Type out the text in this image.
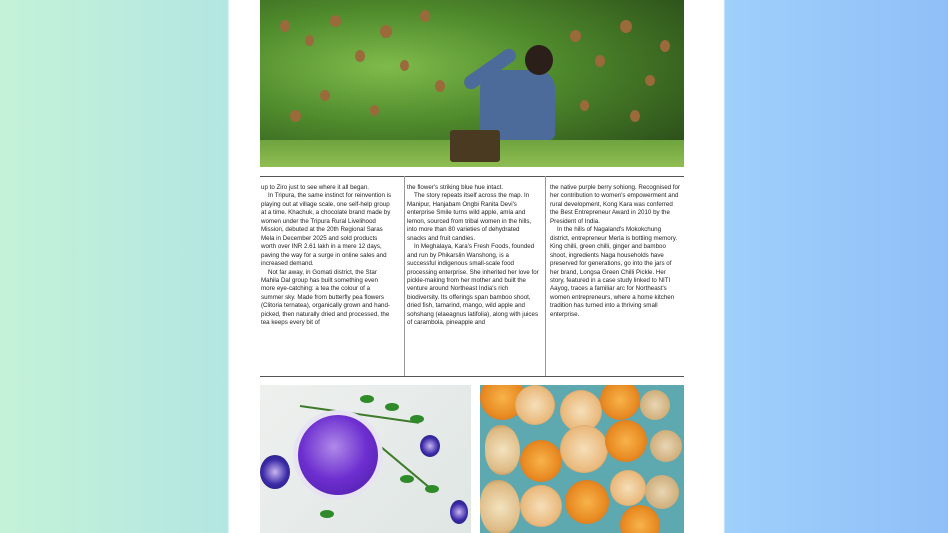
up to Ziro just to see where it all began.

In Tripura, the same instinct for reinvention is playing out at village scale, one self-help group at a time. Khachuk, a chocolate brand made by women under the Tripura Rural Livelihood Mission, debuted at the 20th Regional Saras Mela in December 2025 and sold products worth over INR 2.61 lakh in a mere 12 days, paving the way for a surge in online sales and increased demand.

Not far away, in Gomati district, the Star Mahila Dal group has built something even more eye-catching: a tea the colour of a summer sky. Made from butterfly pea flowers (Clitoria ternatea), organically grown and hand-picked, then naturally dried and processed, the tea keeps every bit of

the flower's striking blue hue intact.

The story repeats itself across the map. In Manipur, Hanjabam Ongbi Ranita Devi's enterprise Smile turns wild apple, amla and lemon, sourced from tribal women in the hills, into more than 80 varieties of dehydrated snacks and fruit candies.

In Meghalaya, Kara's Fresh Foods, founded and run by Phikarslin Wanshong, is a successful indigenous small-scale food processing enterprise. She inherited her love for pickle-making from her mother and built the venture around Northeast India's rich biodiversity. Its offerings span bamboo shoot, dried fish, tamarind, mango, wild apple and sohshang (elaeagnus latifolia), along with juices of carambola, pineapple and

the native purple berry sohiong. Recognised for her contribution to women's empowerment and rural development, Kong Kara was conferred the Best Entrepreneur Award in 2010 by the President of India.

In the hills of Nagaland's Mokokchung district, entrepreneur Merla is bottling memory. King chilli, green chilli, ginger and bamboo shoot, ingredients Naga households have preserved for generations, go into the jars of her brand, Longsa Green Chilli Pickle. Her story, featured in a case study linked to NITI Aayog, traces a familiar arc for Northeast's women entrepreneurs, where a home kitchen tradition has turned into a thriving small enterprise.
